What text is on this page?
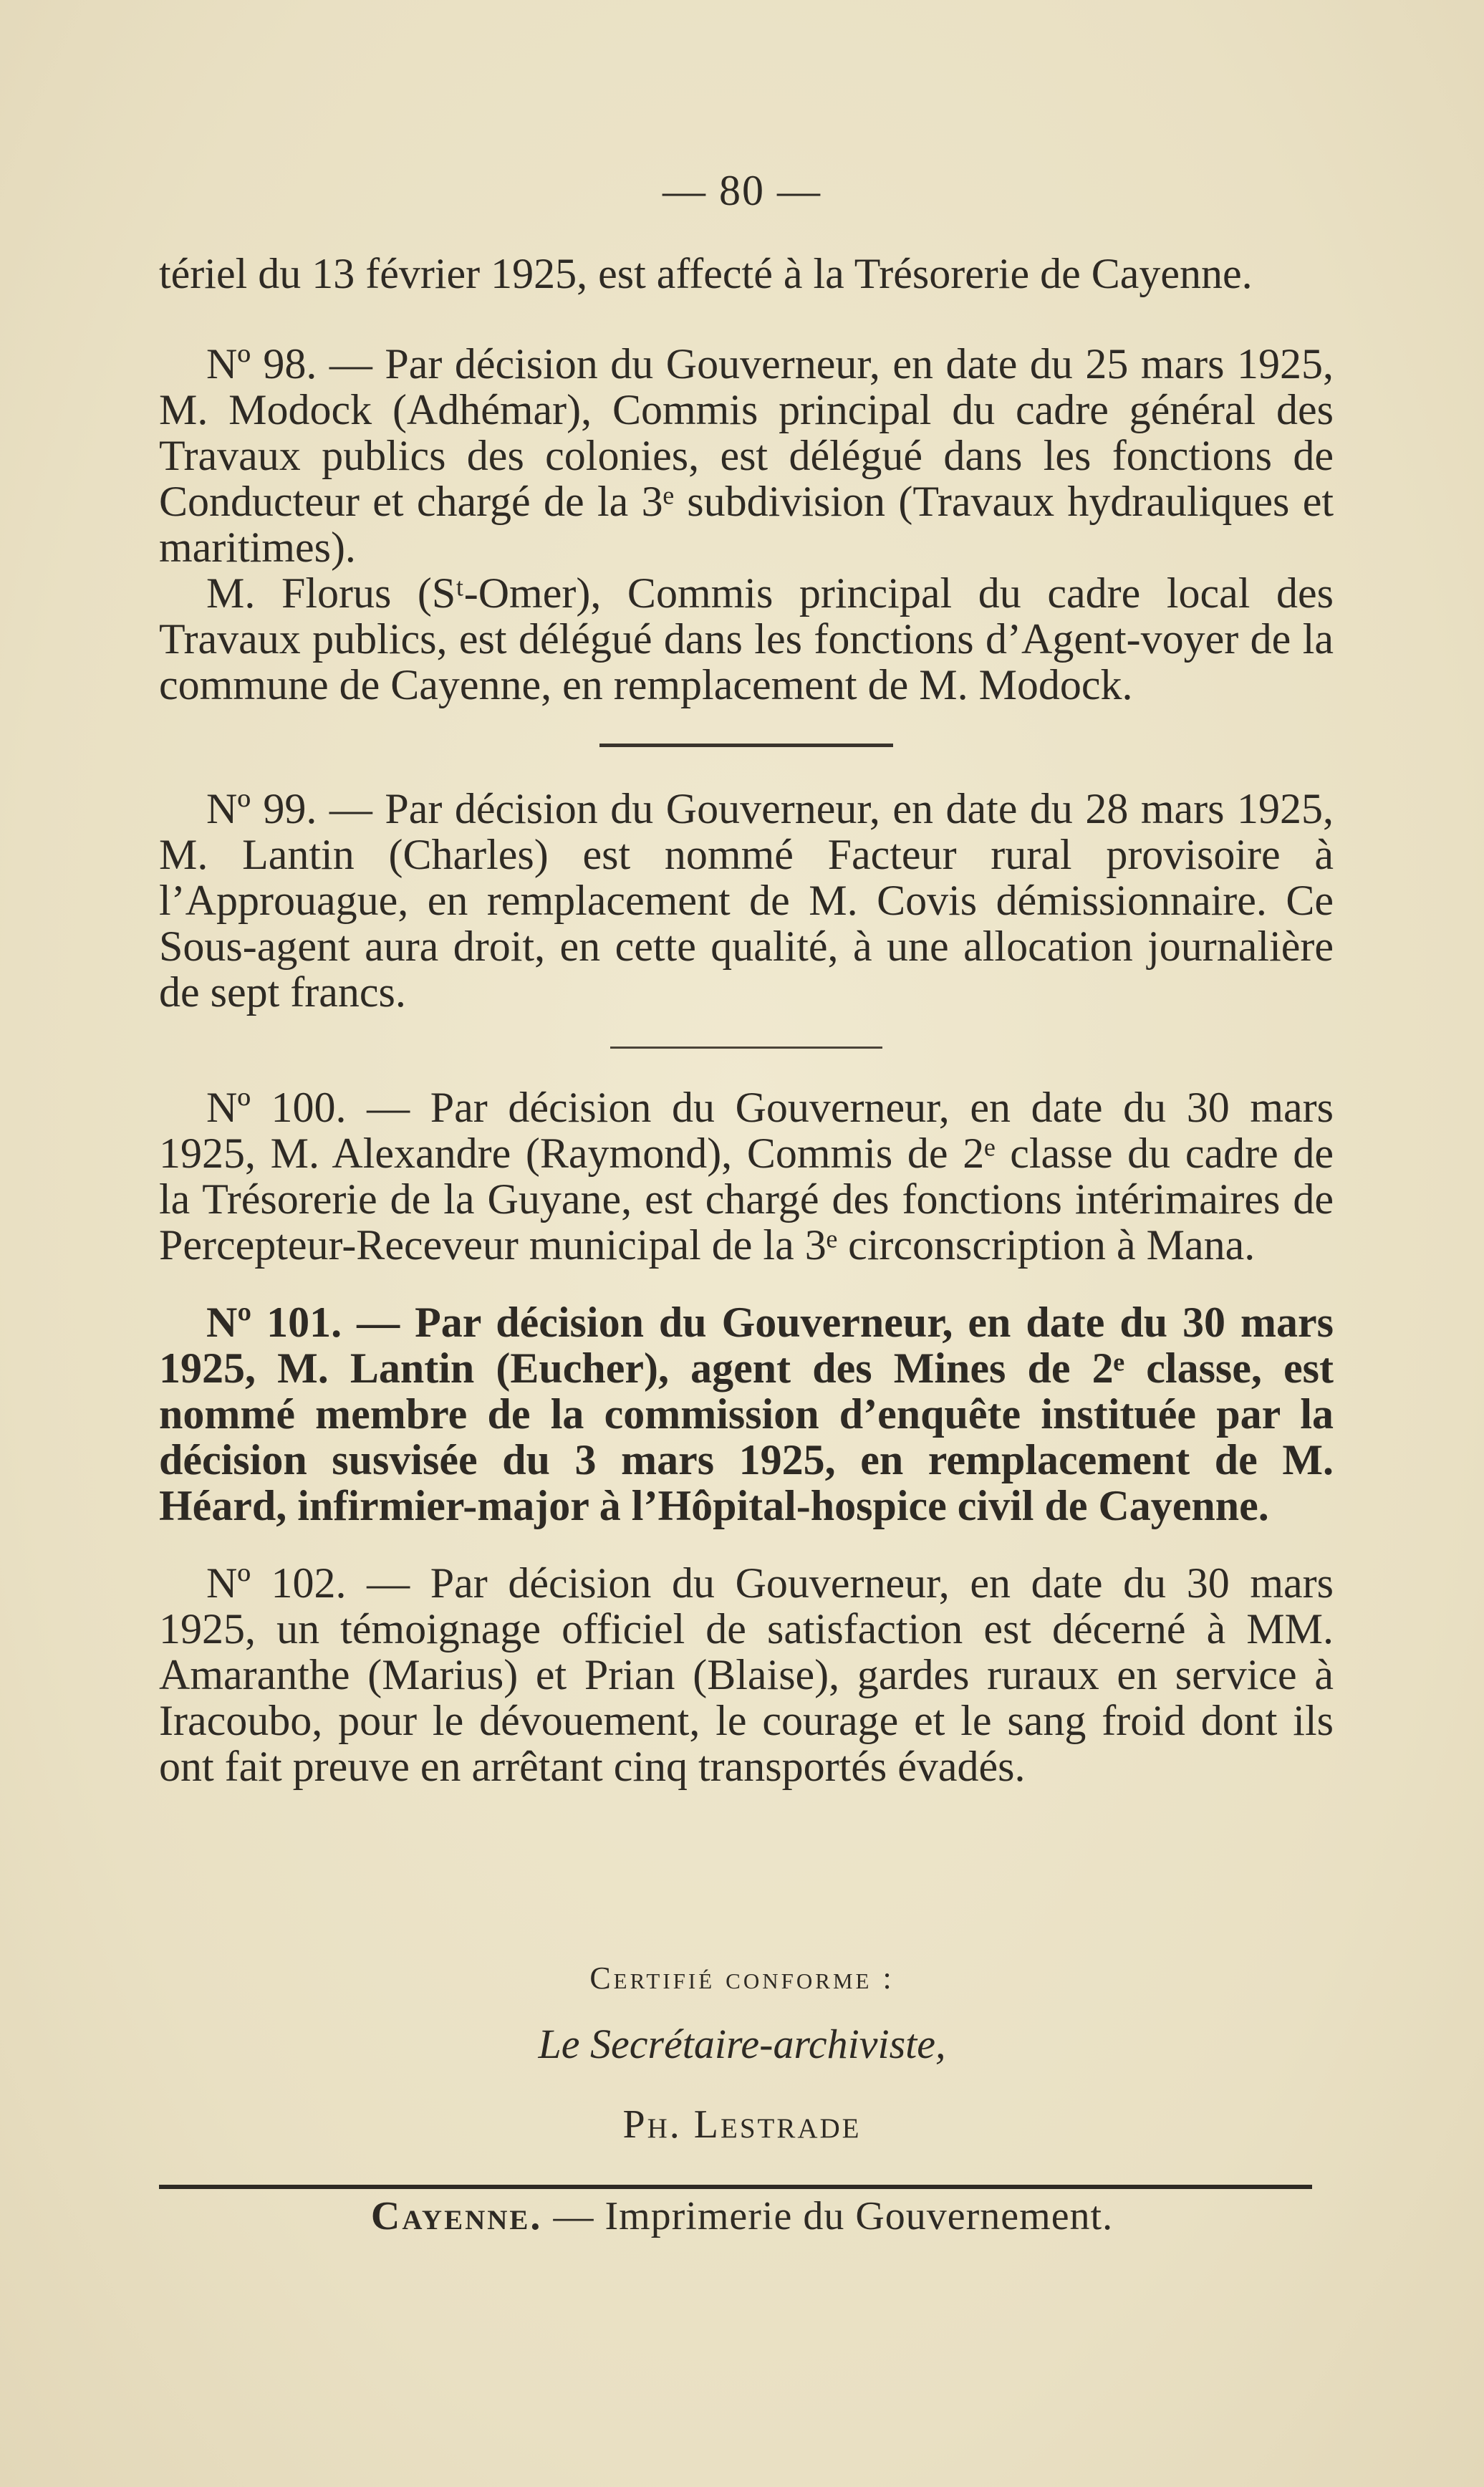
— 80 —

tériel du 13 février 1925, est affecté à la Trésorerie de Cayenne.

Nº 98. — Par décision du Gouverneur, en date du 25 mars 1925, M. Modock (Adhémar), Commis principal du cadre général des Travaux publics des colonies, est délégué dans les fonctions de Conducteur et chargé de la 3ᵉ subdivision (Travaux hydrauliques et maritimes).

M. Florus (Sᵗ-Omer), Commis principal du cadre local des Travaux publics, est délégué dans les fonctions d’Agent-voyer de la commune de Cayenne, en remplacement de M. Modock.

Nº 99. — Par décision du Gouverneur, en date du 28 mars 1925, M. Lantin (Charles) est nommé Facteur rural provisoire à l’Approuague, en remplacement de M. Covis démissionnaire. Ce Sous-agent aura droit, en cette qualité, à une allocation journalière de sept francs.

Nº 100. — Par décision du Gouverneur, en date du 30 mars 1925, M. Alexandre (Raymond), Commis de 2ᵉ classe du cadre de la Trésorerie de la Guyane, est chargé des fonctions intérimaires de Percepteur-Receveur municipal de la 3ᵉ circonscription à Mana.

Nº 101. — Par décision du Gouverneur, en date du 30 mars 1925, M. Lantin (Eucher), agent des Mines de 2ᵉ classe, est nommé membre de la commission d’enquête instituée par la décision susvisée du 3 mars 1925, en remplacement de M. Héard, infirmier-major à l’Hôpital-hospice civil de Cayenne.

Nº 102. — Par décision du Gouverneur, en date du 30 mars 1925, un témoignage officiel de satisfaction est décerné à MM. Amaranthe (Marius) et Prian (Blaise), gardes ruraux en service à Iracoubo, pour le dévouement, le courage et le sang froid dont ils ont fait preuve en arrêtant cinq transportés évadés.

Certifié conforme :
Le Secrétaire-archiviste,
Ph. Lestrade
Cayenne. — Imprimerie du Gouvernement.
